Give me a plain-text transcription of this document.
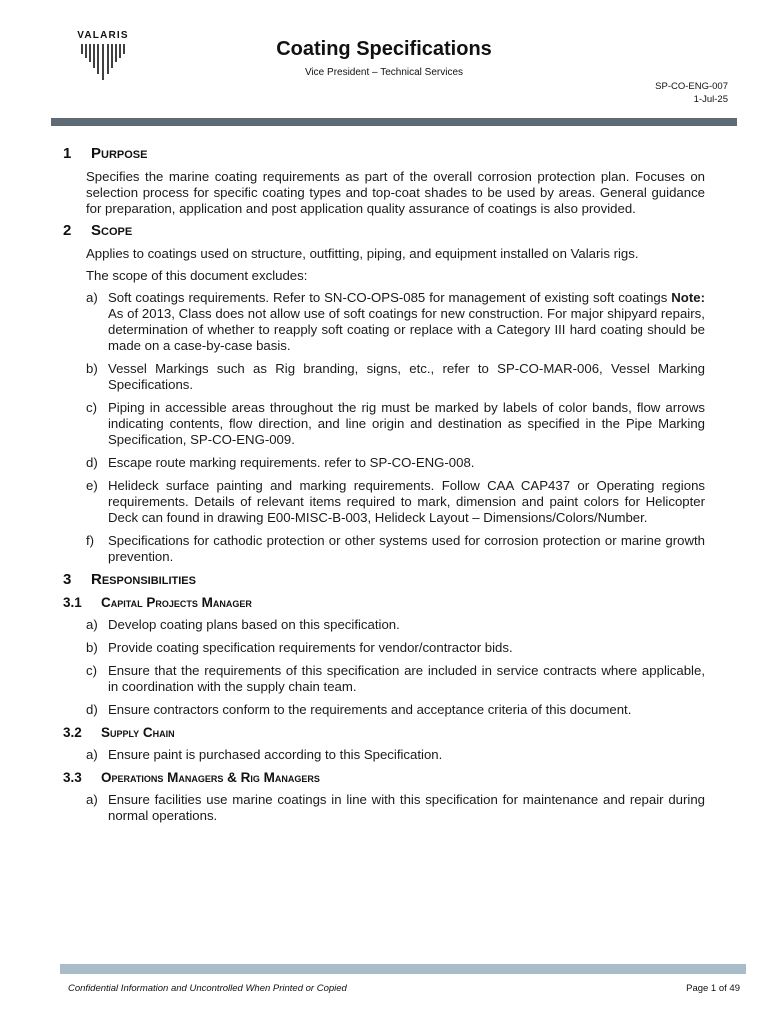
VALARIS
Coating Specifications
Vice President – Technical Services
SP-CO-ENG-007
1-Jul-25
1	Purpose
Specifies the marine coating requirements as part of the overall corrosion protection plan. Focuses on selection process for specific coating types and top-coat shades to be used by areas. General guidance for preparation, application and post application quality assurance of coatings is also provided.
2	Scope
Applies to coatings used on structure, outfitting, piping, and equipment installed on Valaris rigs.
The scope of this document excludes:
a) Soft coatings requirements. Refer to SN-CO-OPS-085 for management of existing soft coatings Note: As of 2013, Class does not allow use of soft coatings for new construction. For major shipyard repairs, determination of whether to reapply soft coating or replace with a Category III hard coating should be made on a case-by-case basis.
b) Vessel Markings such as Rig branding, signs, etc., refer to SP-CO-MAR-006, Vessel Marking Specifications.
c) Piping in accessible areas throughout the rig must be marked by labels of color bands, flow arrows indicating contents, flow direction, and line origin and destination as specified in the Pipe Marking Specification, SP-CO-ENG-009.
d) Escape route marking requirements. refer to SP-CO-ENG-008.
e) Helideck surface painting and marking requirements. Follow CAA CAP437 or Operating regions requirements. Details of relevant items required to mark, dimension and paint colors for Helicopter Deck can found in drawing E00-MISC-B-003, Helideck Layout – Dimensions/Colors/Number.
f)	Specifications for cathodic protection or other systems used for corrosion protection or marine growth prevention.
3	Responsibilities
3.1	Capital Projects Manager
a) Develop coating plans based on this specification.
b) Provide coating specification requirements for vendor/contractor bids.
c) Ensure that the requirements of this specification are included in service contracts where applicable, in coordination with the supply chain team.
d) Ensure contractors conform to the requirements and acceptance criteria of this document.
3.2	Supply Chain
a) Ensure paint is purchased according to this Specification.
3.3	Operations Managers & Rig Managers
a) Ensure facilities use marine coatings in line with this specification for maintenance and repair during normal operations.
Confidential Information and Uncontrolled When Printed or Copied	Page 1 of 49
